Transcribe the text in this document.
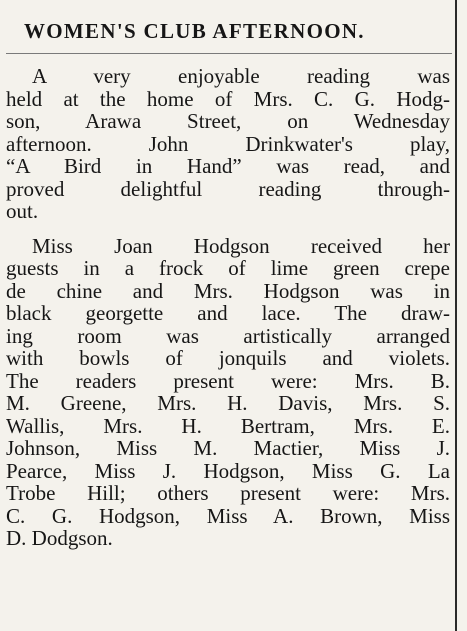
WOMEN'S CLUB AFTERNOON.

A very enjoyable reading was
held at the home of Mrs. C. G. Hodg-
son, Arawa Street, on Wednesday
afternoon. John Drinkwater's play,
“A Bird in Hand” was read, and
proved delightful reading through-
out.

Miss Joan Hodgson received her
guests in a frock of lime green crepe
de chine and Mrs. Hodgson was in
black georgette and lace. The draw-
ing room was artistically arranged
with bowls of jonquils and violets.
The readers present were: Mrs. B.
M. Greene, Mrs. H. Davis, Mrs. S.
Wallis, Mrs. H. Bertram, Mrs. E.
Johnson, Miss M. Mactier, Miss J.
Pearce, Miss J. Hodgson, Miss G. La
Trobe Hill; others present were: Mrs.
C. G. Hodgson, Miss A. Brown, Miss
D. Dodgson.
